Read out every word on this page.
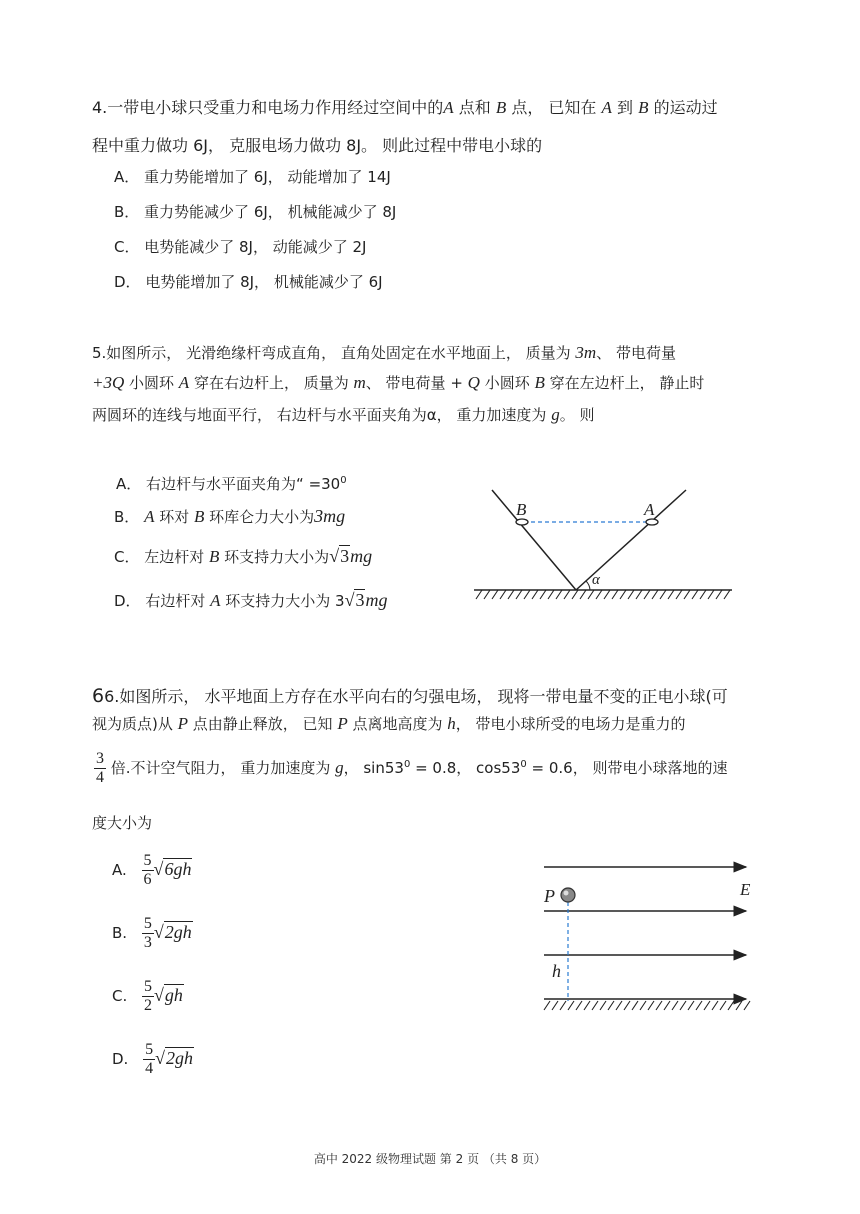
4.一带电小球只受重力和电场力作用经过空间中的A 点和 B 点， 已知在 A 到 B 的运动过
程中重力做功 6J， 克服电场力做功 8J。 则此过程中带电小球的
A． 重力势能增加了 6J， 动能增加了 14J
B． 重力势能减少了 6J， 机械能减少了 8J
C． 电势能减少了 8J， 动能减少了 2J
D． 电势能增加了 8J， 机械能减少了 6J
5.如图所示， 光滑绝缘杆弯成直角， 直角处固定在水平地面上， 质量为 3m、 带电荷量
+3Q 小圆环 A 穿在右边杆上， 质量为 m、 带电荷量 + Q 小圆环 B 穿在左边杆上， 静止时
两圆环的连线与地面平行， 右边杆与水平面夹角为α， 重力加速度为 g。 则
A． 右边杆与水平面夹角为“ $=30^0$
B． A 环对 B 环库仑力大小为3mg
C． 左边杆对 B 环支持力大小为√3mg
D． 右边杆对 A 环支持力大小为 3√3mg
B	A
α
66.如图所示， 水平地面上方存在水平向右的匀强电场， 现将一带电量不变的正电小球(可
视为质点)从 P 点由静止释放， 已知 P 点离地高度为 h， 带电小球所受的电场力是重力的
$\frac{3}{4}$ 倍.不计空气阻力， 重力加速度为 g， $\sin 53^0 = 0.8$， $\cos 53^0 = 0.6$， 则带电小球落地的速
度大小为
A. $\frac{5}{6} √6gh$
B. $\frac{5}{3} √2gh$
C. $\frac{5}{2} √gh$
D. $\frac{5}{4} √2gh$
P	E
h
高中 2022 级物理试题 第 2 页 （共 8 页）
